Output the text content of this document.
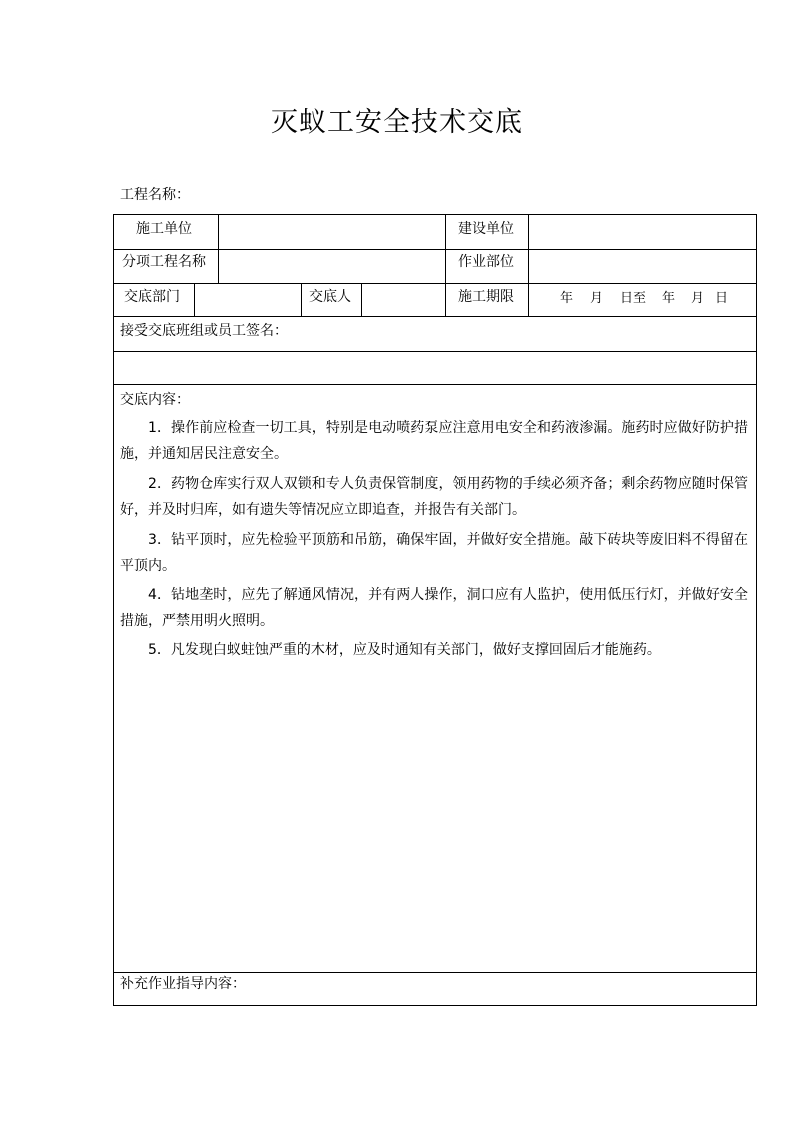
灭蚁工安全技术交底
工程名称：
施工单位	建设单位
分项工程名称	作业部位
交底部门	交底人	施工期限	年 月 日至 年 月 日
接受交底班组或员工签名：
交底内容：
1．操作前应检查一切工具，特别是电动喷药泵应注意用电安全和药液渗漏。施药时应做好防护措施，并通知居民注意安全。
2．药物仓库实行双人双锁和专人负责保管制度，领用药物的手续必须齐备；剩余药物应随时保管好，并及时归库，如有遗失等情况应立即追查，并报告有关部门。
3．钻平顶时，应先检验平顶筋和吊筋，确保牢固，并做好安全措施。敲下砖块等废旧料不得留在平顶内。
4．钻地垄时，应先了解通风情况，并有两人操作，洞口应有人监护，使用低压行灯，并做好安全措施，严禁用明火照明。
5．凡发现白蚁蛀蚀严重的木材，应及时通知有关部门，做好支撑回固后才能施药。
补充作业指导内容：
